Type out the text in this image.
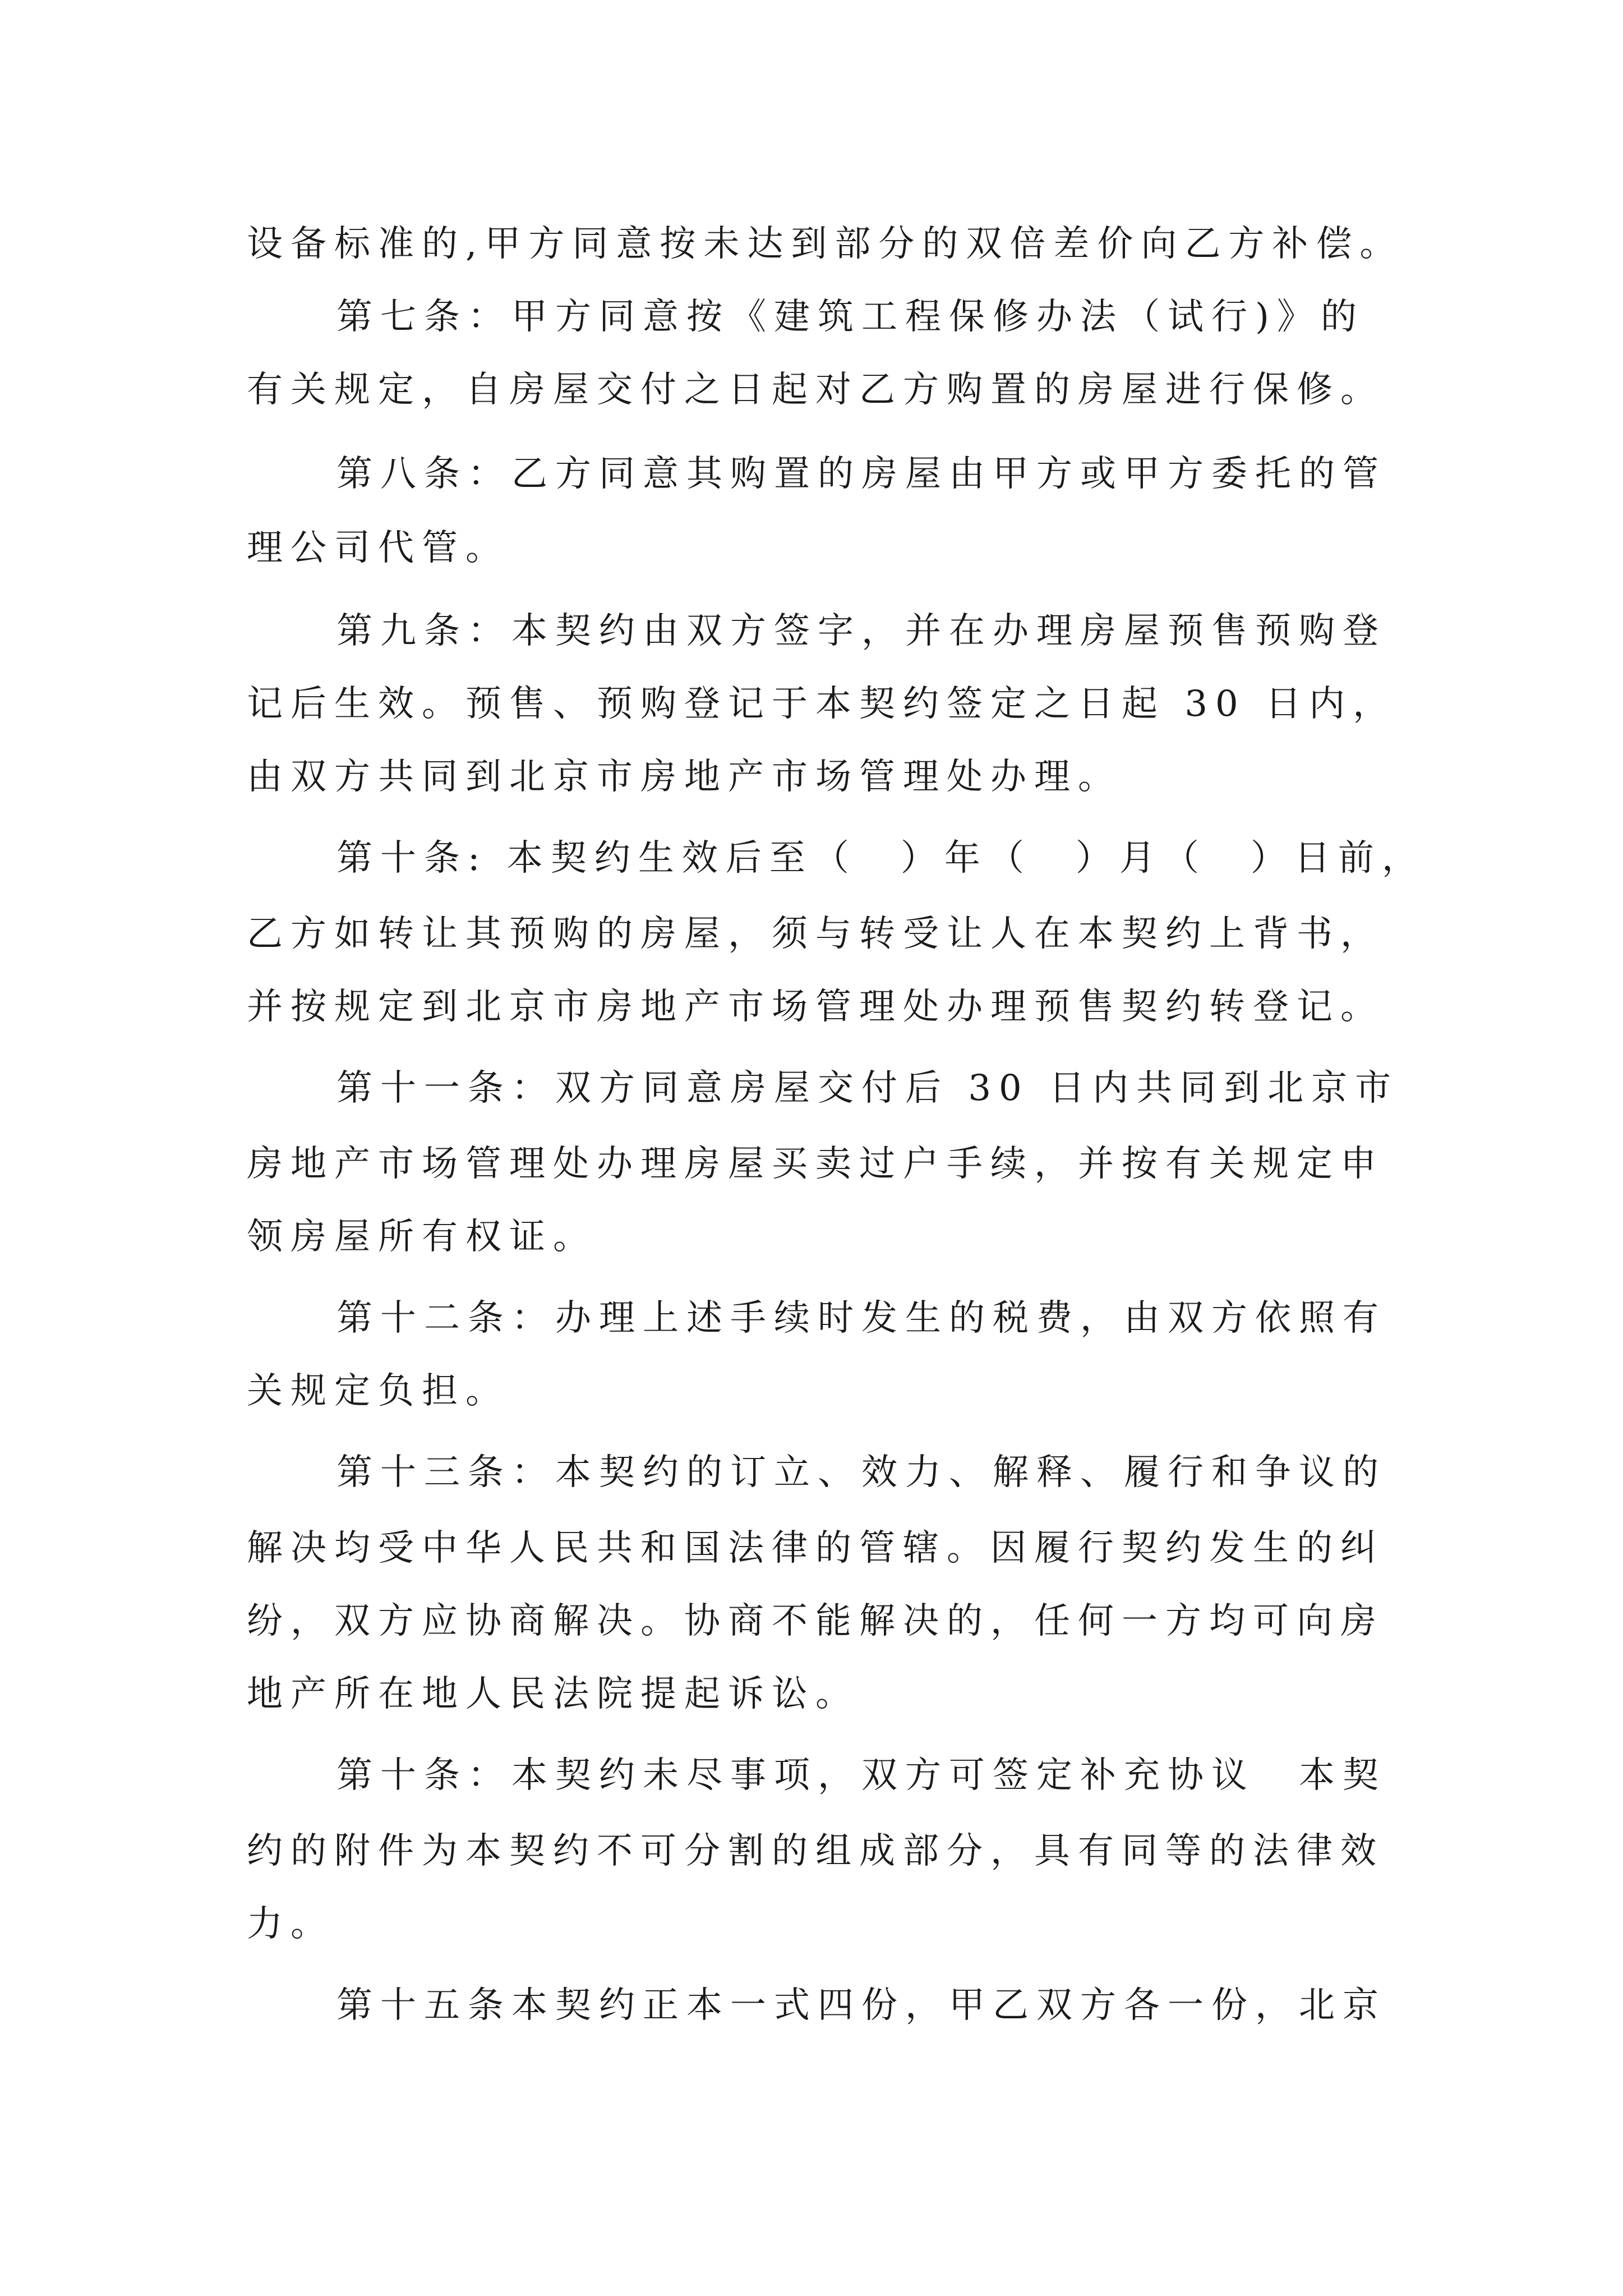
设备标准的,甲方同意按未达到部分的双倍差价向乙方补偿。
第七条：甲方同意按《建筑工程保修办法（试行)》的
有关规定，自房屋交付之日起对乙方购置的房屋进行保修。
第八条：乙方同意其购置的房屋由甲方或甲方委托的管
理公司代管。
第九条：本契约由双方签字，并在办理房屋预售预购登
记后生效。预售、预购登记于本契约签定之日起 30 日内，
由双方共同到北京市房地产市场管理处办理。
第十条: 本契约生效后至（　）年（　）月（　）日前，
乙方如转让其预购的房屋，须与转受让人在本契约上背书，
并按规定到北京市房地产市场管理处办理预售契约转登记。
第十一条：双方同意房屋交付后 30 日内共同到北京市
房地产市场管理处办理房屋买卖过户手续，并按有关规定申
领房屋所有权证。
第十二条：办理上述手续时发生的税费，由双方依照有
关规定负担。
第十三条：本契约的订立、效力、解释、履行和争议的
解决均受中华人民共和国法律的管辖。因履行契约发生的纠
纷，双方应协商解决。协商不能解决的，任何一方均可向房
地产所在地人民法院提起诉讼。
第十条：本契约未尽事项，双方可签定补充协议　本契
约的附件为本契约不可分割的组成部分，具有同等的法律效
力。
第十五条本契约正本一式四份，甲乙双方各一份，北京
